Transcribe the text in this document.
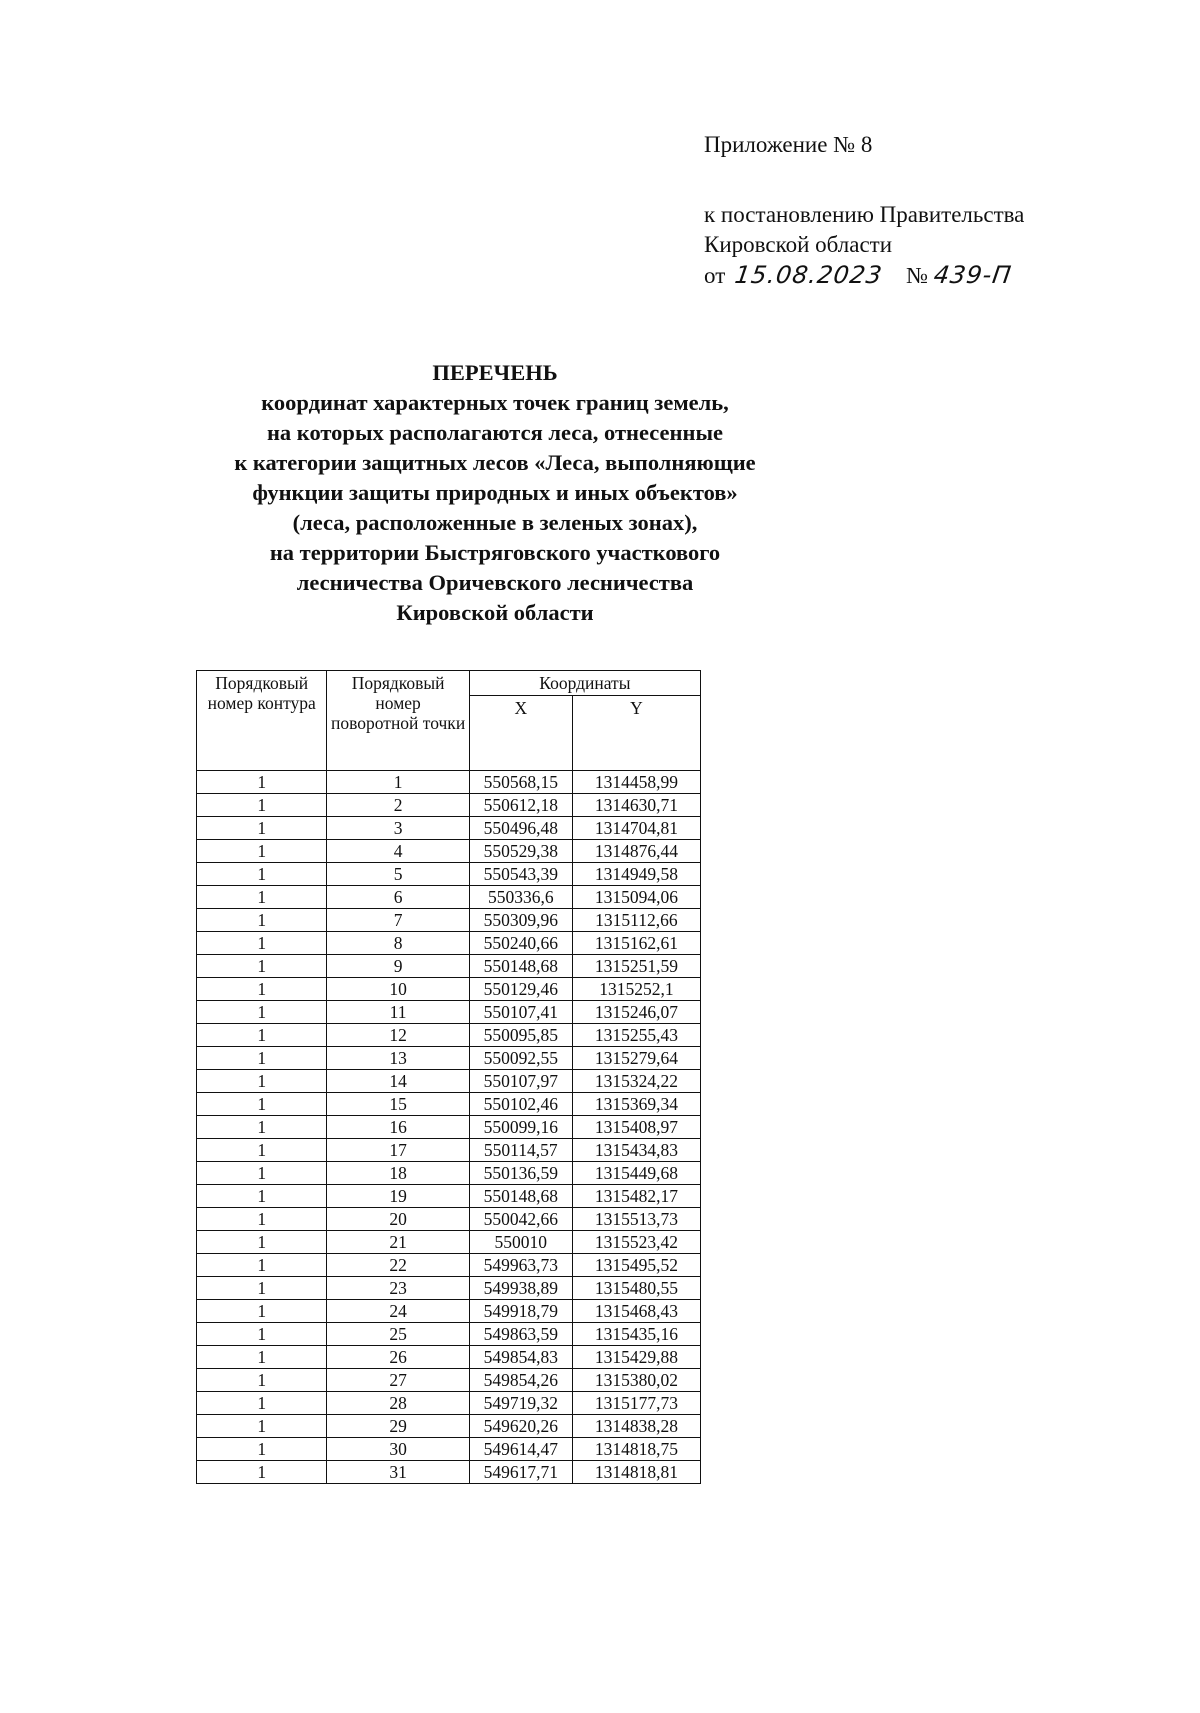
Приложение № 8
к постановлению Правительства
Кировской области
от 15.08.2023 № 439-П
ПЕРЕЧЕНЬ
координат характерных точек границ земель,
на которых располагаются леса, отнесенные
к категории защитных лесов «Леса, выполняющие
функции защиты природных и иных объектов»
(леса, расположенные в зеленых зонах),
на территории Быстряговского участкового
лесничества Оричевского лесничества
Кировской области
Порядковый номер контура	Порядковый номер поворотной точки	Координаты	
		X	Y
1	1	550568,15	1314458,99
1	2	550612,18	1314630,71
1	3	550496,48	1314704,81
1	4	550529,38	1314876,44
1	5	550543,39	1314949,58
1	6	550336,6	1315094,06
1	7	550309,96	1315112,66
1	8	550240,66	1315162,61
1	9	550148,68	1315251,59
1	10	550129,46	1315252,1
1	11	550107,41	1315246,07
1	12	550095,85	1315255,43
1	13	550092,55	1315279,64
1	14	550107,97	1315324,22
1	15	550102,46	1315369,34
1	16	550099,16	1315408,97
1	17	550114,57	1315434,83
1	18	550136,59	1315449,68
1	19	550148,68	1315482,17
1	20	550042,66	1315513,73
1	21	550010	1315523,42
1	22	549963,73	1315495,52
1	23	549938,89	1315480,55
1	24	549918,79	1315468,43
1	25	549863,59	1315435,16
1	26	549854,83	1315429,88
1	27	549854,26	1315380,02
1	28	549719,32	1315177,73
1	29	549620,26	1314838,28
1	30	549614,47	1314818,75
1	31	549617,71	1314818,81
